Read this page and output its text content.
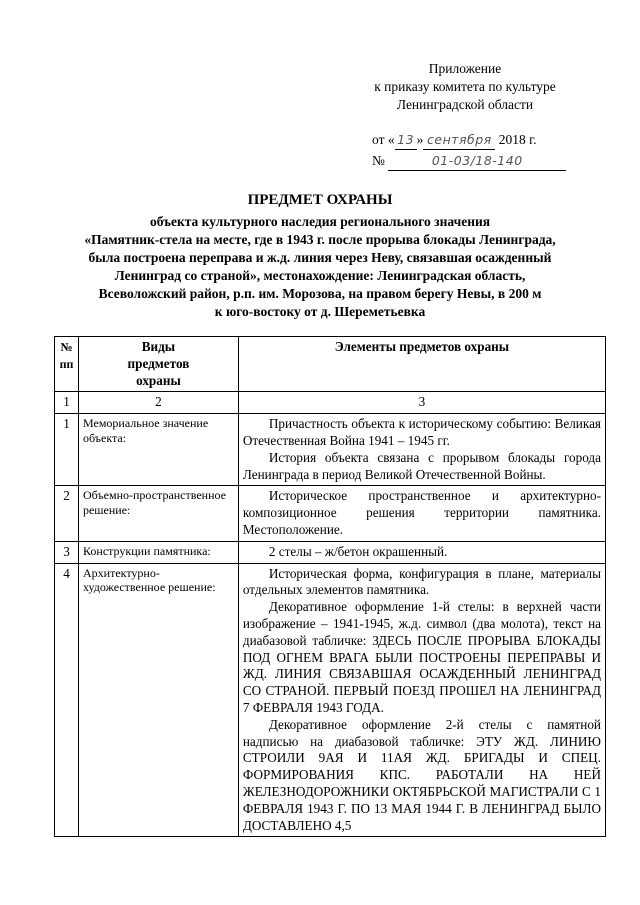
Приложение
к приказу комитета по культуре
Ленинградской области
от « 13 » сентября 2018 г.
№	01-03/18-140
ПРЕДМЕТ ОХРАНЫ
объекта культурного наследия регионального значения
«Памятник-стела на месте, где в 1943 г. после прорыва блокады Ленинграда,
была построена переправа и ж.д. линия через Неву, связавшая осажденный
Ленинград со страной», местонахождение: Ленинградская область,
Всеволожский район, р.п. им. Морозова, на правом берегу Невы, в 200 м
к юго-востоку от д. Шереметьевка
№ пп	Виды предметов охраны	Элементы предметов охраны
1	2	3
1	Мемориальное значение объекта:	Причастность объекта к историческому событию: Великая Отечественная Война 1941 – 1945 гг.

История объекта связана с прорывом блокады города Ленинграда в период Великой Отечественной Войны.

2	Объемно-пространственное решение:	Историческое пространственное и архитектурно-композиционное решения территории памятника. Местоположение.

3	Конструкции памятника:	2 стелы – ж/бетон окрашенный.

4	Архитектурно-художественное решение:	Историческая форма, конфигурация в плане, материалы отдельных элементов памятника.

Декоративное оформление 1-й стелы: в верхней части изображение – 1941-1945, ж.д. символ (два молота), текст на диабазовой табличке: ЗДЕСЬ ПОСЛЕ ПРОРЫВА БЛОКАДЫ ПОД ОГНЕМ ВРАГА БЫЛИ ПОСТРОЕНЫ ПЕРЕПРАВЫ И ЖД. ЛИНИЯ СВЯЗАВШАЯ ОСАЖДЕННЫЙ ЛЕНИНГРАД СО СТРАНОЙ. ПЕРВЫЙ ПОЕЗД ПРОШЕЛ НА ЛЕНИНГРАД 7 ФЕВРАЛЯ 1943 ГОДА.

Декоративное оформление 2-й стелы с памятной надписью на диабазовой табличке: ЭТУ ЖД. ЛИНИЮ СТРОИЛИ 9АЯ И 11АЯ ЖД. БРИГАДЫ И СПЕЦ. ФОРМИРОВАНИЯ КПС. РАБОТАЛИ НА НЕЙ ЖЕЛЕЗНОДОРОЖНИКИ ОКТЯБРЬСКОЙ МАГИСТРАЛИ С 1 ФЕВРАЛЯ 1943 Г. ПО 13 МАЯ 1944 Г. В ЛЕНИНГРАД БЫЛО ДОСТАВЛЕНО 4,5
